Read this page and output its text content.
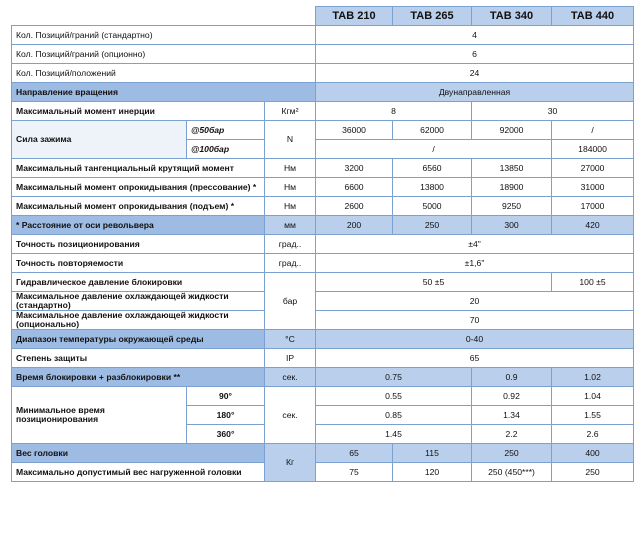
			TAB 210	TAB 265	TAB 340	TAB 440
Кол. Позиций/граний (стандартно)			4			
Кол. Позиций/граний (опционно)			6			
Кол. Позиций/положений			24			
Направление вращения			Двунаправленная			
Максимальный момент инерции		Кгм²	8		30	
Сила зажима	@50бар	N	36000	62000	92000	/
	@100бар		/			184000
Максимальный тангенциальный крутящий момент		Нм	3200	6560	13850	27000
Максимальный момент опрокидывания (прессование) *		Нм	6600	13800	18900	31000
Максимальный момент опрокидывания (подъем) *		Нм	2600	5000	9250	17000
* Расстояние от оси револьвера		мм	200	250	300	420
Точность позиционирования		град..	±4"			
Точность повторяемости		град..	±1,6"			
Гидравлическое давление блокировки		бар	50 ±5			100 ±5
Максимальное давление охлаждающей жидкости (стандартно)			20			
Максимальное давление охлаждающей жидкости (опционально)			70			
Диапазон температуры окружающей среды		°C	0-40			
Степень защиты		IP	65			
Время блокировки + разблокировки **		сек.	0.75		0.9	1.02
Минимальное время позиционирования	90°	сек.	0.55		0.92	1.04
	180°		0.85		1.34	1.55
	360°		1.45		2.2	2.6
Вес головки		Кг	65	115	250	400
Максимально допустимый вес нагруженной головки			75	120	250 (450***)	250
